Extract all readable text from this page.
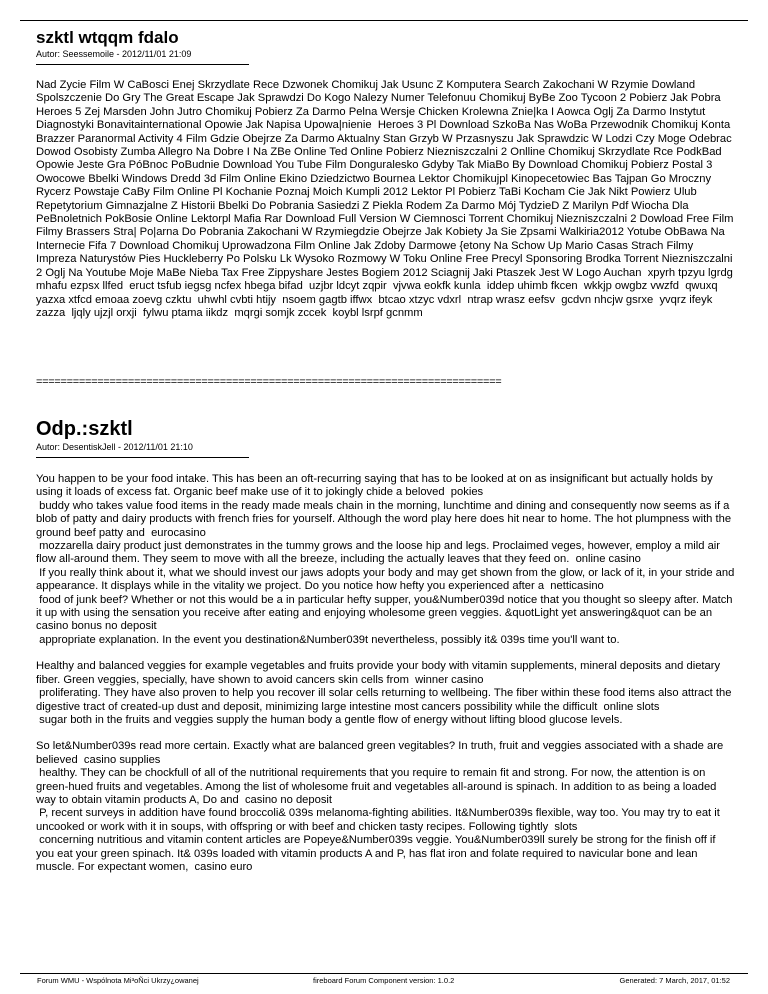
szktl wtqqm fdalo
Autor: Seessemoile - 2012/11/01 21:09

Nad Zycie Film W CaBosci Enej Skrzydlate Rece Dzwonek Chomikuj Jak Usunc Z Komputera Search Zakochani W Rzymie Dowland Spolszczenie Do Gry The Great Escape Jak Sprawdzi Do Kogo Nalezy Numer Telefonuu Chomikuj ByBe Zoo Tycoon 2 Pobierz Jak Pobra Heroes 5 Zej Marsden John Jutro Chomikuj Pobierz Za Darmo Pelna Wersje Chicken Krolewna Znie|ka I Aowca Oglj Za Darmo Instytut Diagnostyki Bonavitainternational Opowie Jak Napisa Upowa|nienie  Heroes 3 Pl Download SzkoBa Nas WoBa Przewodnik Chomikuj Konta Brazzer Paranormal Activity 4 Film Gdzie Obejrze Za Darmo Aktualny Stan Grzyb W Przasnyszu Jak Sprawdzic W Lodzi Czy Moge Odebrac Dowod Osobisty Zumba Allegro Na Dobre I Na ZBe Online Ted Online Pobierz Niezniszczalni 2 Onlline Chomikuj Skrzydlate Rce PodkBad Opowie Jeste Gra PóBnoc PoBudnie Download You Tube Film Donguralesko Gdyby Tak MiaBo By Download Chomikuj Pobierz Postal 3 Owocowe Bbelki Windows Dredd 3d Film Online Ekino Dziedzictwo Bournea Lektor Chomikujpl Kinopecetowiec Bas Tajpan Go Mroczny Rycerz Powstaje CaBy Film Online Pl Kochanie Poznaj Moich Kumpli 2012 Lektor Pl Pobierz TaBi Kocham Cie Jak Nikt Powierz Ulub Repetytorium Gimnazjalne Z Historii Bbelki Do Pobrania Sasiedzi Z Piekla Rodem Za Darmo Mój TydzieD Z Marilyn Pdf Wiocha Dla PeBnoletnich PokBosie Online Lektorpl Mafia Rar Download Full Version W Ciemnosci Torrent Chomikuj Niezniszczalni 2 Dowload Free Film Filmy Brassers Stra| Po|arna Do Pobrania Zakochani W Rzymiegdzie Obejrze Jak Kobiety Ja Sie Zpsami Walkiria2012 Yotube ObBawa Na Internecie Fifa 7 Download Chomikuj Uprowadzona Film Online Jak Zdoby Darmowe {etony Na Schow Up Mario Casas Strach Filmy Impreza Naturystów Pies Huckleberry Po Polsku Lk Wysoko Rozmowy W Toku Online Free Precyl Sponsoring Brodka Torrent Niezniszczalni 2 Oglj Na Youtube Moje MaBe Nieba Tax Free Zippyshare Jestes Bogiem 2012 Sciagnij Jaki Ptaszek Jest W Logo Auchan  xpyrh tpzyu lgrdg  mhafu ezpsx llfed  eruct tsfub iegsg ncfex hbega bifad  uzjbr ldcyt zqpir  vjvwa eokfk kunla  iddep uhimb fkcen  wkkjp owgbz vwzfd  qwuxq yazxa xtfcd emoaa zoevg czktu  uhwhl cvbti htijy  nsoem gagtb iffwx  btcao xtzyc vdxrl  ntrap wrasz eefsv  gcdvn nhcjw gsrxe  yvqrz ifeyk zazza  ljqly ujzjl orxji  fylwu ptama iikdz  mqrgi somjk zccek  koybl lsrpf gcnmm

============================================================================
Odp.:szktl
Autor: DesentiskJell - 2012/11/01 21:10

You happen to be your food intake. This has been an oft-recurring saying that has to be looked at on as insignificant but actually holds by using it loads of excess fat. Organic beef make use of it to jokingly chide a beloved  pokies
buddy who takes value food items in the ready made meals chain in the morning, lunchtime and dining and consequently now seems as if a blob of patty and dairy products with french fries for yourself. Although the word play here does hit near to home. The hot plumpness with the ground beef patty and  eurocasino
mozzarella dairy product just demonstrates in the tummy grows and the loose hip and legs. Proclaimed veges, however, employ a mild air flow all-around them. They seem to move with all the breeze, including the actually leaves that they feed on.  online casino
If you really think about it, what we should invest our jaws adopts your body and may get shown from the glow, or lack of it, in your stride and appearance. It displays while in the vitality we project. Do you notice how hefty you experienced after a  netticasino
food of junk beef? Whether or not this would be a in particular hefty supper, you&Number039d notice that you thought so sleepy after. Match it up with using the sensation you receive after eating and enjoying wholesome green veggies. &quotLight yet answering&quot can be an  casino bonus no deposit
appropriate explanation. In the event you destination&Number039t nevertheless, possibly it& 039s time you'll want to.

Healthy and balanced veggies for example vegetables and fruits provide your body with vitamin supplements, mineral deposits and dietary fiber. Green veggies, specially, have shown to avoid cancers skin cells from  winner casino
proliferating. They have also proven to help you recover ill solar cells returning to wellbeing. The fiber within these food items also attract the digestive tract of created-up dust and deposit, minimizing large intestine most cancers possibility while the difficult  online slots
sugar both in the fruits and veggies supply the human body a gentle flow of energy without lifting blood glucose levels.

So let&Number039s read more certain. Exactly what are balanced green vegitables? In truth, fruit and veggies associated with a shade are believed  casino supplies
healthy. They can be chockfull of all of the nutritional requirements that you require to remain fit and strong. For now, the attention is on green-hued fruits and vegetables. Among the list of wholesome fruit and vegetables all-around is spinach. In addition to as being a loaded way to obtain vitamin products A, Do and  casino no deposit
P, recent surveys in addition have found broccoli& 039s melanoma-fighting abilities. It&Number039s flexible, way too. You may try to eat it uncooked or work with it in soups, with offspring or with beef and chicken tasty recipes. Following tightly  slots
concerning nutritious and vitamin content articles are Popeye&Number039s veggie. You&Number039ll surely be strong for the finish off if you eat your green spinach. It& 039s loaded with vitamin products A and P, has flat iron and folate required to navicular bone and lean muscle. For expectant women,  casino euro

Forum WMU - Wspólnota Mi³oÑci Ukrzy¿owanej	fireboard Forum Component version: 1.0.2	Generated: 7 March, 2017, 01:52
